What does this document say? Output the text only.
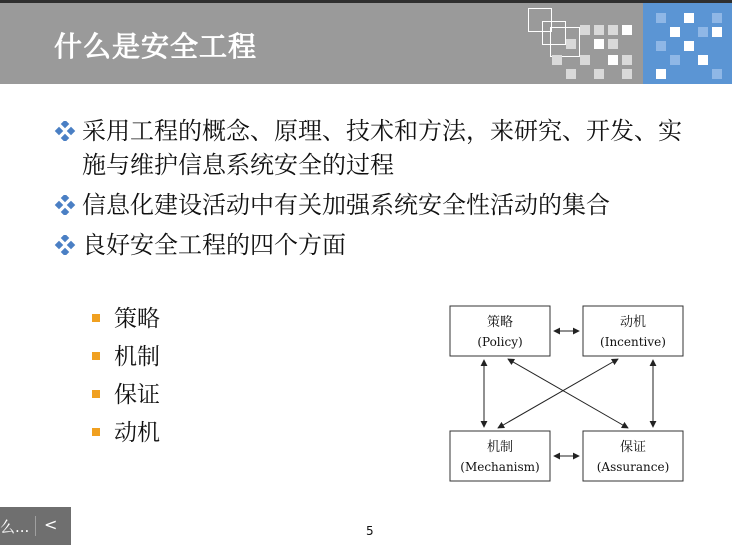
什么是安全工程
采用工程的概念、原理、技术和方法，来研究、开发、实施与维护信息系统安全的过程
信息化建设活动中有关加强系统安全性活动的集合
良好安全工程的四个方面
策略
机制
保证
动机
策略
(Policy)
动机
(Incentive)
机制
(Mechanism)
保证
(Assurance)
么... <	5
